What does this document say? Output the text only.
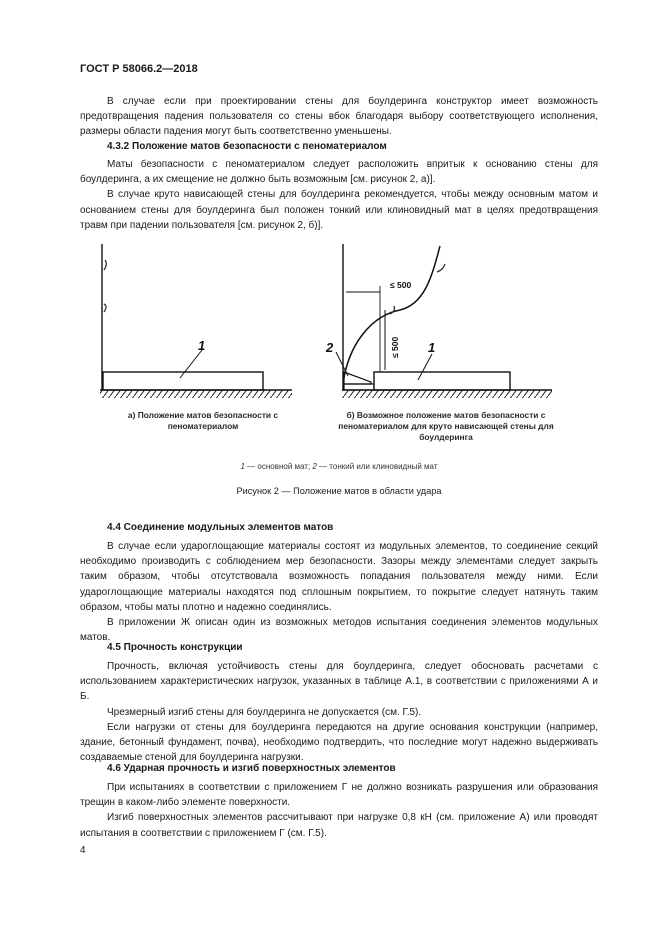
ГОСТ Р 58066.2—2018

В случае если при проектировании стены для боулдеринга конструктор имеет возможность предотвращения падения пользователя со стены вбок благодаря выбору соответствующего исполнения, размеры области падения могут быть соответственно уменьшены.

4.3.2 Положение матов безопасности с пеноматериалом

Маты безопасности с пеноматериалом следует расположить впритык к основанию стены для боулдеринга, а их смещение не должно быть возможным [см. рисунок 2, а)].

В случае круто нависающей стены для боулдеринга рекомендуется, чтобы между основным матом и основанием стены для боулдеринга был положен тонкий или клиновидный мат в целях предотвращения травм при падении пользователя [см. рисунок 2, б)].

1
≤ 500
≤ 500 1
2
а) Положение матов безопасности с пеноматериалом
б) Возможное положение матов безопасности с пеноматериалом для круто нависающей стены для боулдеринга
1 — основной мат; 2 — тонкий или клиновидный мат
Рисунок 2 — Положение матов в области удара
4.4 Соединение модульных элементов матов

В случае если удароглощающие материалы состоят из модульных элементов, то соединение секций необходимо производить с соблюдением мер безопасности. Зазоры между элементами следует закрыть таким образом, чтобы отсутствовала возможность попадания пользователя между ними. Если удароглощающие материалы находятся под сплошным покрытием, то покрытие следует натянуть таким образом, чтобы маты плотно и надежно соединялись.

В приложении Ж описан один из возможных методов испытания соединения элементов модульных матов.

4.5 Прочность конструкции

Прочность, включая устойчивость стены для боулдеринга, следует обосновать расчетами с использованием характеристических нагрузок, указанных в таблице А.1, в соответствии с приложениями А и Б.

Чрезмерный изгиб стены для боулдеринга не допускается (см. Г.5).

Если нагрузки от стены для боулдеринга передаются на другие основания конструкции (например, здание, бетонный фундамент, почва), необходимо подтвердить, что последние могут надежно выдерживать создаваемые стеной для боулдеринга нагрузки.

4.6 Ударная прочность и изгиб поверхностных элементов

При испытаниях в соответствии с приложением Г не должно возникать разрушения или образования трещин в каком-либо элементе поверхности.

Изгиб поверхностных элементов рассчитывают при нагрузке 0,8 кН (см. приложение А) или проводят испытания в соответствии с приложением Г (см. Г.5).

4
